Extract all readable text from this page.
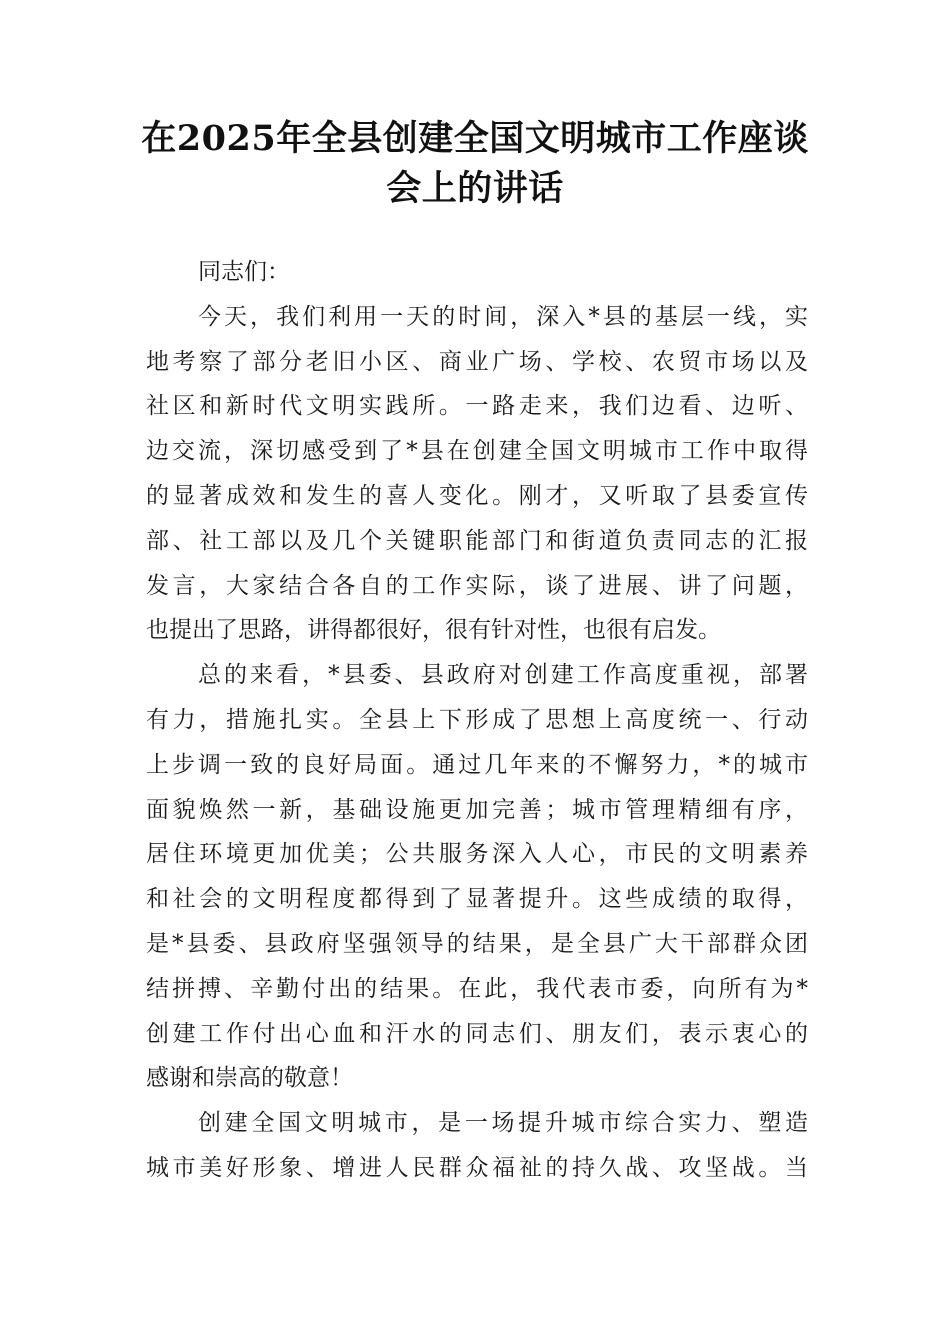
在2025年全县创建全国文明城市工作座谈
会上的讲话

同志们：

今天，我们利用一天的时间，深入*县的基层一线，实
地考察了部分老旧小区、商业广场、学校、农贸市场以及
社区和新时代文明实践所。一路走来，我们边看、边听、
边交流，深切感受到了*县在创建全国文明城市工作中取得
的显著成效和发生的喜人变化。刚才，又听取了县委宣传
部、社工部以及几个关键职能部门和街道负责同志的汇报
发言，大家结合各自的工作实际，谈了进展、讲了问题，
也提出了思路，讲得都很好，很有针对性，也很有启发。

总的来看，*县委、县政府对创建工作高度重视，部署
有力，措施扎实。全县上下形成了思想上高度统一、行动
上步调一致的良好局面。通过几年来的不懈努力，*的城市
面貌焕然一新，基础设施更加完善；城市管理精细有序，
居住环境更加优美；公共服务深入人心，市民的文明素养
和社会的文明程度都得到了显著提升。这些成绩的取得，
是*县委、县政府坚强领导的结果，是全县广大干部群众团
结拼搏、辛勤付出的结果。在此，我代表市委，向所有为*
创建工作付出心血和汗水的同志们、朋友们，表示衷心的
感谢和崇高的敬意！

创建全国文明城市，是一场提升城市综合实力、塑造
城市美好形象、增进人民群众福祉的持久战、攻坚战。当
